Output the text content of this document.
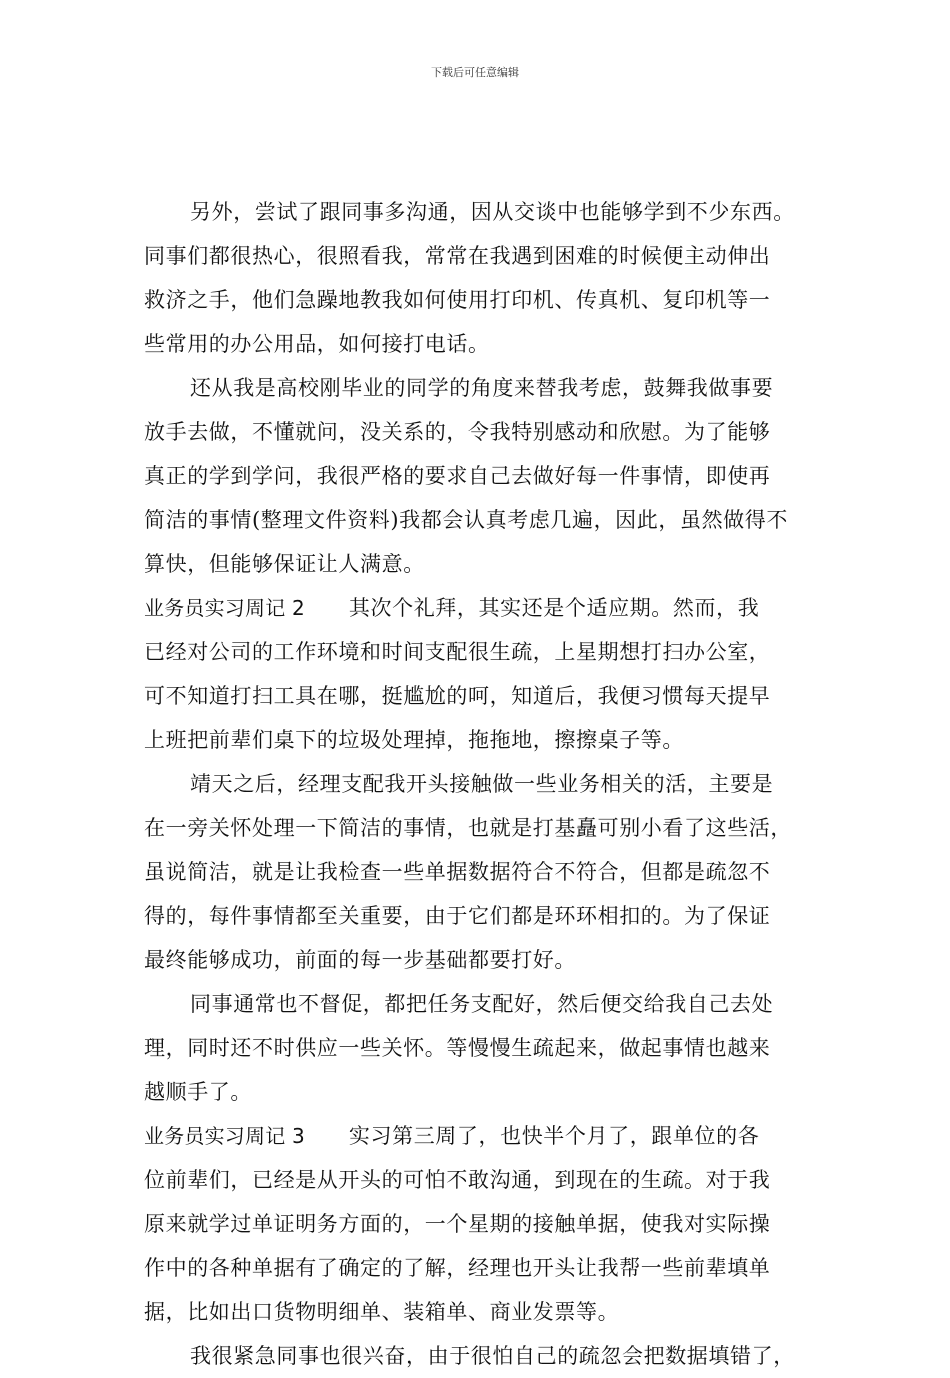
下载后可任意编辑
另外，尝试了跟同事多沟通，因从交谈中也能够学到不少东西。
同事们都很热心，很照看我，常常在我遇到困难的时候便主动伸出
救济之手，他们急躁地教我如何使用打印机、传真机、复印机等一
些常用的办公用品，如何接打电话。
还从我是高校刚毕业的同学的角度来替我考虑，鼓舞我做事要
放手去做，不懂就问，没关系的，令我特别感动和欣慰。为了能够
真正的学到学问，我很严格的要求自己去做好每一件事情，即使再
简洁的事情(整理文件资料)我都会认真考虑几遍，因此，虽然做得不
算快，但能够保证让人满意。
业务员实习周记 2 其次个礼拜，其实还是个适应期。然而，我
已经对公司的工作环境和时间支配很生疏，上星期想打扫办公室，
可不知道打扫工具在哪，挺尴尬的呵，知道后，我便习惯每天提早
上班把前辈们桌下的垃圾处理掉，拖拖地，擦擦桌子等。
靖天之后，经理支配我开头接触做一些业务相关的活，主要是
在一旁关怀处理一下简洁的事情，也就是打基矗可别小看了这些活，
虽说简洁，就是让我检查一些单据数据符合不符合，但都是疏忽不
得的，每件事情都至关重要，由于它们都是环环相扣的。为了保证
最终能够成功，前面的每一步基础都要打好。
同事通常也不督促，都把任务支配好，然后便交给我自己去处
理，同时还不时供应一些关怀。等慢慢生疏起来，做起事情也越来
越顺手了。
业务员实习周记 3 实习第三周了，也快半个月了，跟单位的各
位前辈们，已经是从开头的可怕不敢沟通，到现在的生疏。对于我
原来就学过单证明务方面的，一个星期的接触单据，使我对实际操
作中的各种单据有了确定的了解，经理也开头让我帮一些前辈填单
据，比如出口货物明细单、装箱单、商业发票等。
我很紧急同事也很兴奋，由于很怕自己的疏忽会把数据填错了，
